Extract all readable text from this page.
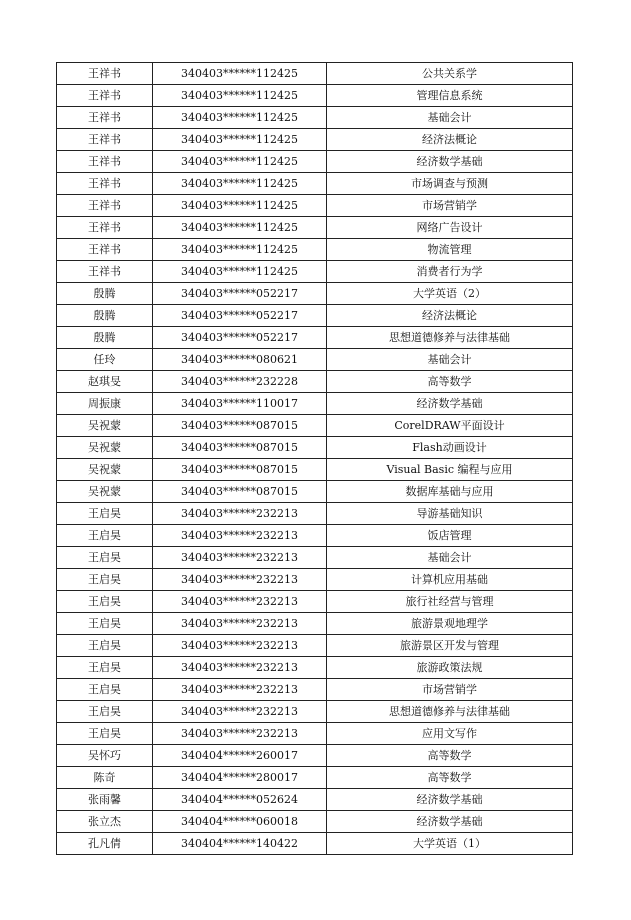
王祥书	340403******112425	公共关系学
王祥书	340403******112425	管理信息系统
王祥书	340403******112425	基础会计
王祥书	340403******112425	经济法概论
王祥书	340403******112425	经济数学基础
王祥书	340403******112425	市场调查与预测
王祥书	340403******112425	市场营销学
王祥书	340403******112425	网络广告设计
王祥书	340403******112425	物流管理
王祥书	340403******112425	消费者行为学
殷腾	340403******052217	大学英语（2）
殷腾	340403******052217	经济法概论
殷腾	340403******052217	思想道德修养与法律基础
任玲	340403******080621	基础会计
赵琪旻	340403******232228	高等数学
周振康	340403******110017	经济数学基础
吴祝蒙	340403******087015	CorelDRAW平面设计
吴祝蒙	340403******087015	Flash动画设计
吴祝蒙	340403******087015	Visual Basic 编程与应用
吴祝蒙	340403******087015	数据库基础与应用
王启昊	340403******232213	导游基础知识
王启昊	340403******232213	饭店管理
王启昊	340403******232213	基础会计
王启昊	340403******232213	计算机应用基础
王启昊	340403******232213	旅行社经营与管理
王启昊	340403******232213	旅游景观地理学
王启昊	340403******232213	旅游景区开发与管理
王启昊	340403******232213	旅游政策法规
王启昊	340403******232213	市场营销学
王启昊	340403******232213	思想道德修养与法律基础
王启昊	340403******232213	应用文写作
吴怀巧	340404******260017	高等数学
陈奇	340404******280017	高等数学
张雨馨	340404******052624	经济数学基础
张立杰	340404******060018	经济数学基础
孔凡倩	340404******140422	大学英语（1）
